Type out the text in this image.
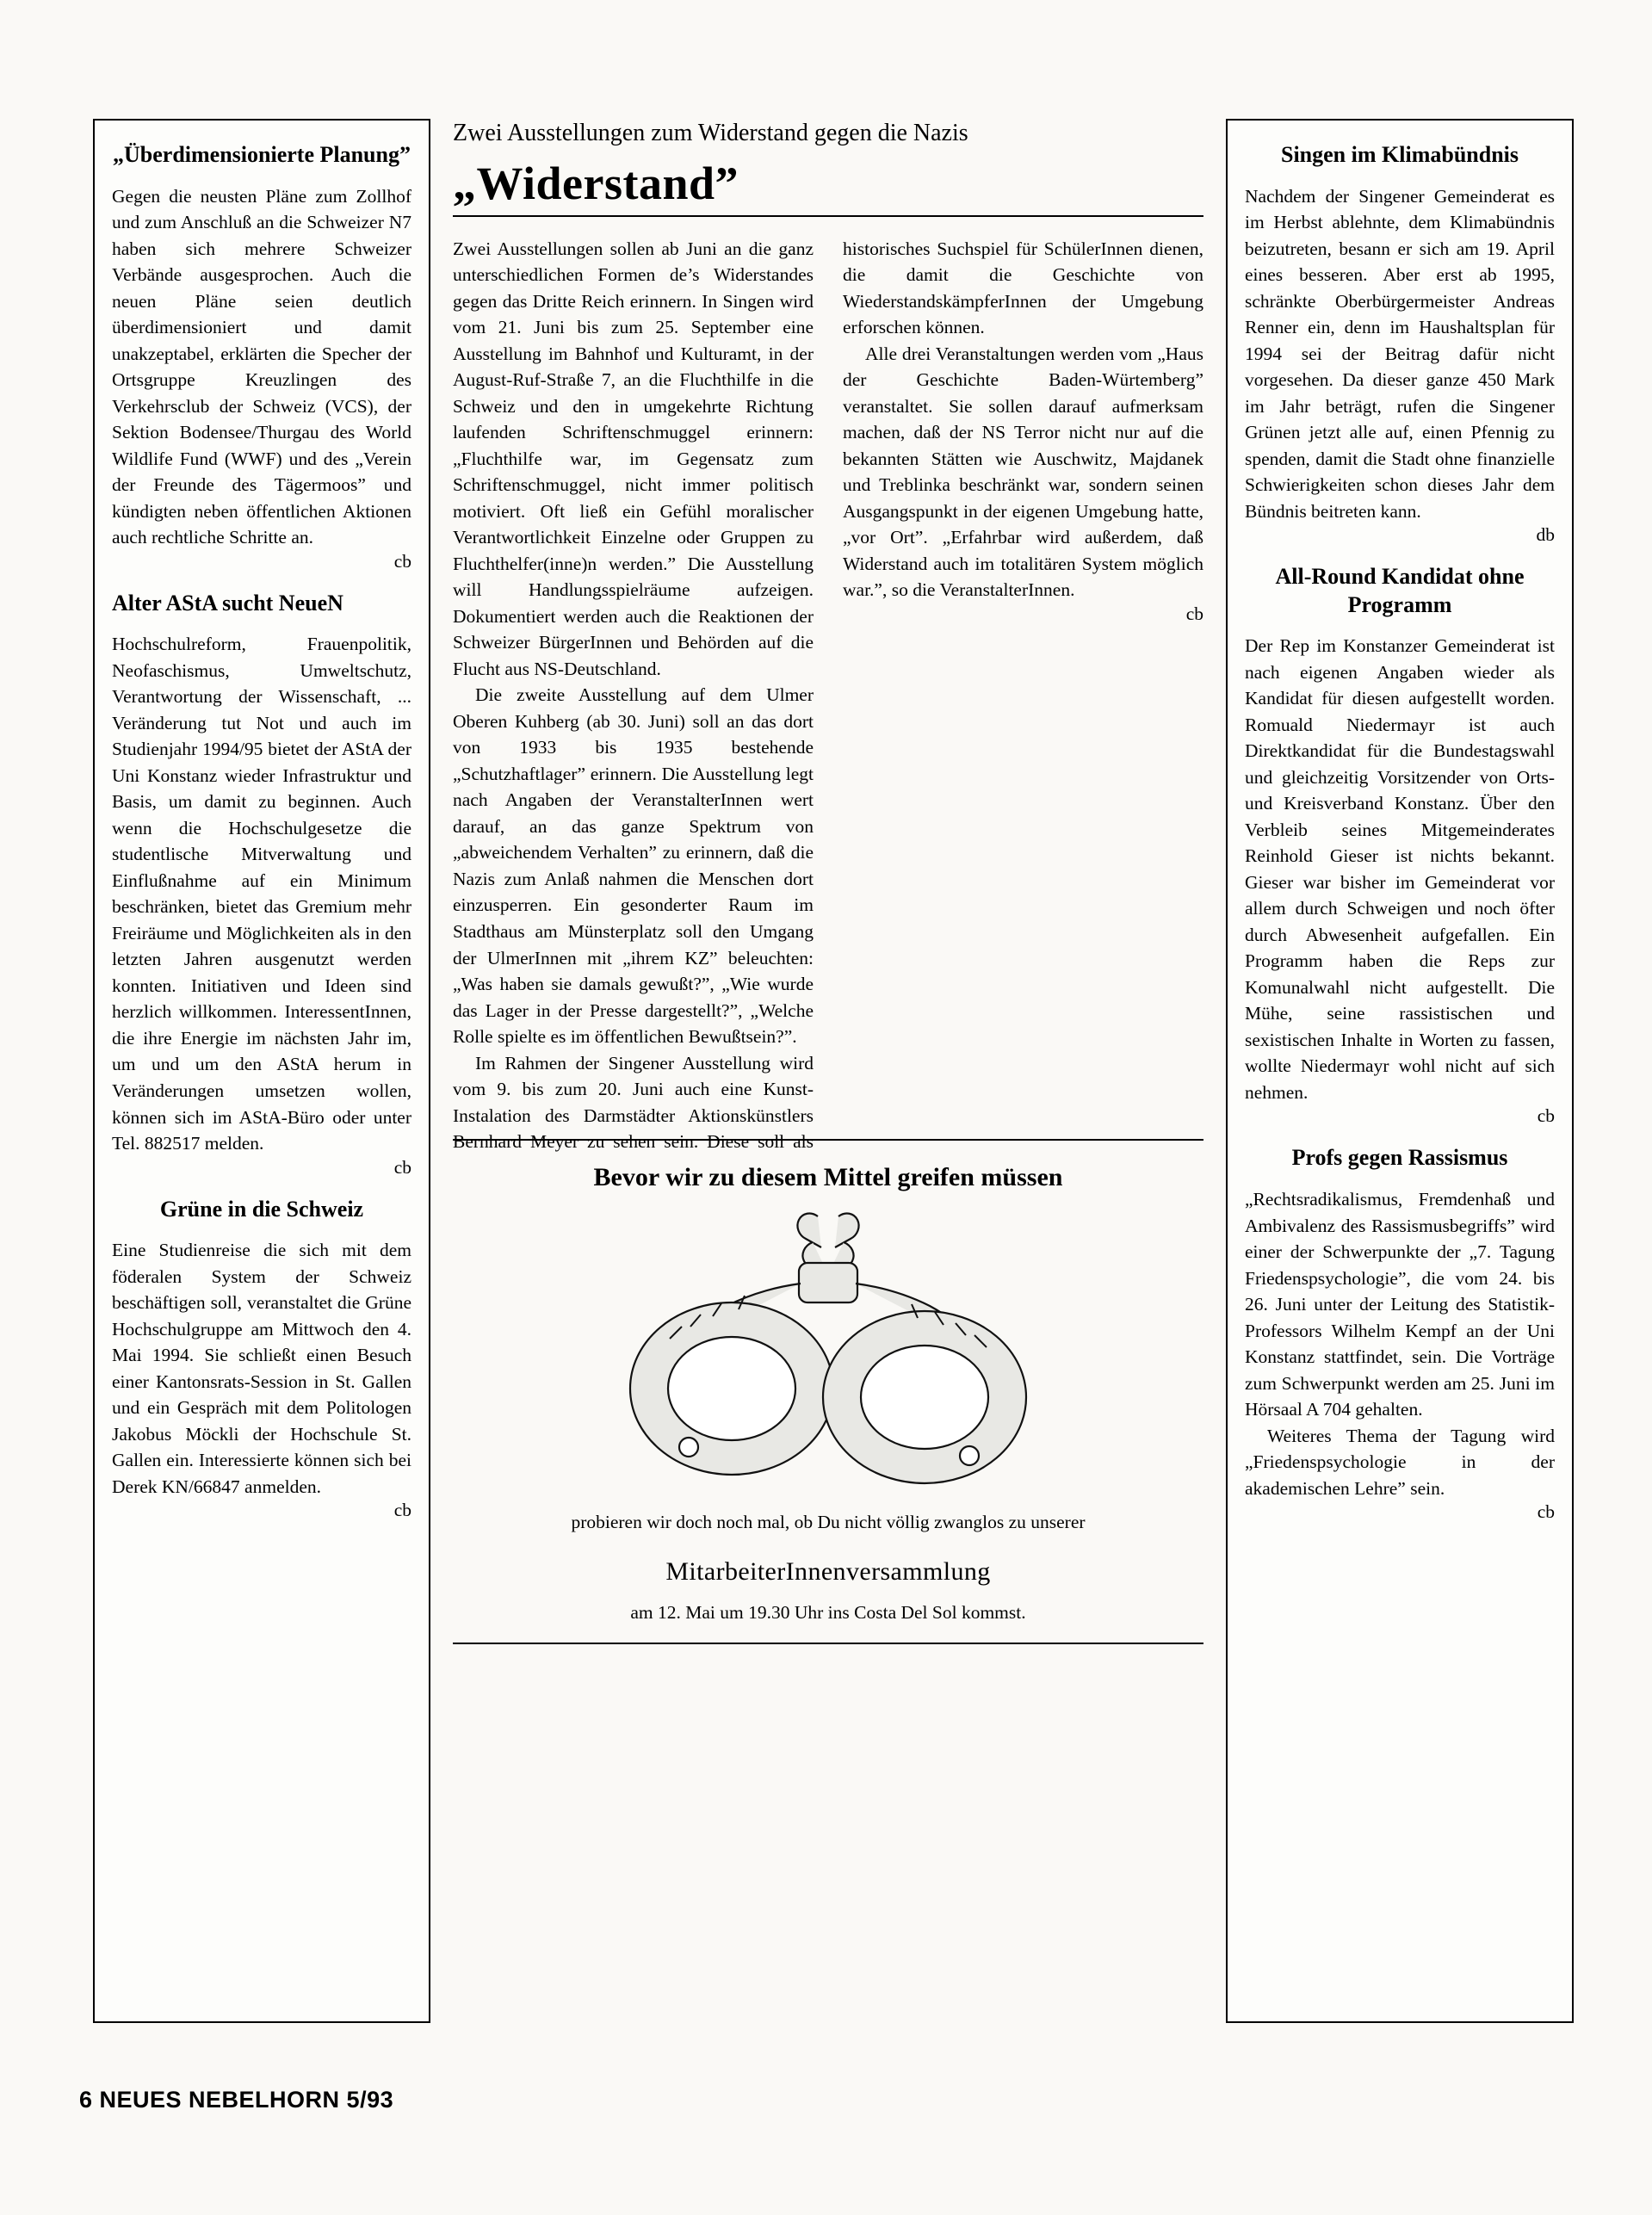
„Überdimensionierte Planung”

Gegen die neusten Pläne zum Zollhof und zum Anschluß an die Schweizer N7 haben sich mehrere Schweizer Verbände ausgesprochen. Auch die neuen Pläne seien deutlich überdimensioniert und damit unakzeptabel, erklärten die Specher der Ortsgruppe Kreuzlingen des Verkehrsclub der Schweiz (VCS), der Sektion Bodensee/Thurgau des World Wildlife Fund (WWF) und des „Verein der Freunde des Tägermoos” und kündigten neben öffentlichen Aktionen auch rechtliche Schritte an.

cb
Alter AStA sucht NeueN

Hochschulreform, Frauenpolitik, Neofaschismus, Umweltschutz, Verantwortung der Wissenschaft, ... Veränderung tut Not und auch im Studienjahr 1994/95 bietet der AStA der Uni Konstanz wieder Infrastruktur und Basis, um damit zu beginnen. Auch wenn die Hochschulgesetze die studentlische Mitverwaltung und Einflußnahme auf ein Minimum beschränken, bietet das Gremium mehr Freiräume und Möglichkeiten als in den letzten Jahren ausgenutzt werden konnten. Initiativen und Ideen sind herzlich willkommen. InteressentInnen, die ihre Energie im nächsten Jahr im, um und um den AStA herum in Veränderungen umsetzen wollen, können sich im AStA-Büro oder unter Tel. 882517 melden.

cb
Grüne in die Schweiz

Eine Studienreise die sich mit dem föderalen System der Schweiz beschäftigen soll, veranstaltet die Grüne Hochschulgruppe am Mittwoch den 4. Mai 1994. Sie schließt einen Besuch einer Kantonsrats-Session in St. Gallen und ein Gespräch mit dem Politologen Jakobus Möckli der Hochschule St. Gallen ein. Interessierte können sich bei Derek KN/66847 anmelden.

cb
Zwei Ausstellungen zum Widerstand gegen die Nazis
„Widerstand”

Zwei Ausstellungen sollen ab Juni an die ganz unterschiedlichen Formen de’s Widerstandes gegen das Dritte Reich erinnern. In Singen wird vom 21. Juni bis zum 25. September eine Ausstellung im Bahnhof und Kulturamt, in der August-Ruf-Straße 7, an die Fluchthilfe in die Schweiz und den in umgekehrte Richtung laufenden Schriftenschmuggel erinnern: „Fluchthilfe war, im Gegensatz zum Schriftenschmuggel, nicht immer politisch motiviert. Oft ließ ein Gefühl moralischer Verantwortlichkeit Einzelne oder Gruppen zu Fluchthelfer(inne)n werden.” Die Ausstellung will Handlungsspielräume aufzeigen. Dokumentiert werden auch die Reaktionen der Schweizer BürgerInnen und Behörden auf die Flucht aus NS-Deutschland.

Die zweite Ausstellung auf dem Ulmer Oberen Kuhberg (ab 30. Juni) soll an das dort von 1933 bis 1935 bestehende „Schutzhaftlager” erinnern. Die Ausstellung legt nach Angaben der VeranstalterInnen wert darauf, an das ganze Spektrum von „abweichendem Verhalten” zu erinnern, daß die Nazis zum Anlaß nahmen die Menschen dort einzusperren. Ein gesonderter Raum im Stadthaus am Münsterplatz soll den Umgang der UlmerInnen mit „ihrem KZ” beleuchten: „Was haben sie damals gewußt?”, „Wie wurde das Lager in der Presse dargestellt?”, „Welche Rolle spielte es im öffentlichen Bewußtsein?”.

Im Rahmen der Singener Ausstellung wird vom 9. bis zum 20. Juni auch eine Kunst-Instalation des Darmstädter Aktionskünstlers Bernhard Meyer zu sehen sein. Diese soll als historisches Suchspiel für SchülerInnen dienen, die damit die Geschichte von WiederstandskämpferInnen der Umgebung erforschen können.

Alle drei Veranstaltungen werden vom „Haus der Geschichte Baden-Würtemberg” veranstaltet. Sie sollen darauf aufmerksam machen, daß der NS Terror nicht nur auf die bekannten Stätten wie Auschwitz, Majdanek und Treblinka beschränkt war, sondern seinen Ausgangspunkt in der eigenen Umgebung hatte, „vor Ort”. „Erfahrbar wird außerdem, daß Widerstand auch im totalitären System möglich war.”, so die VeranstalterInnen.

cb
Bevor wir zu diesem Mittel greifen müssen
probieren wir doch noch mal, ob Du nicht völlig zwanglos zu unserer
MitarbeiterInnenversammlung
am 12. Mai um 19.30 Uhr ins Costa Del Sol kommst.
Singen im Klimabündnis

Nachdem der Singener Gemeinderat es im Herbst ablehnte, dem Klimabündnis beizutreten, besann er sich am 19. April eines besseren. Aber erst ab 1995, schränkte Oberbürgermeister Andreas Renner ein, denn im Haushaltsplan für 1994 sei der Beitrag dafür nicht vorgesehen. Da dieser ganze 450 Mark im Jahr beträgt, rufen die Singener Grünen jetzt alle auf, einen Pfennig zu spenden, damit die Stadt ohne finanzielle Schwierigkeiten schon dieses Jahr dem Bündnis beitreten kann.

db
All-Round Kandidat ohne Programm

Der Rep im Konstanzer Gemeinderat ist nach eigenen Angaben wieder als Kandidat für diesen aufgestellt worden. Romuald Niedermayr ist auch Direktkandidat für die Bundestagswahl und gleichzeitig Vorsitzender von Orts- und Kreisverband Konstanz. Über den Verbleib seines Mitgemeinderates Reinhold Gieser ist nichts bekannt. Gieser war bisher im Gemeinderat vor allem durch Schweigen und noch öfter durch Abwesenheit aufgefallen. Ein Programm haben die Reps zur Komunalwahl nicht aufgestellt. Die Mühe, seine rassistischen und sexistischen Inhalte in Worten zu fassen, wollte Niedermayr wohl nicht auf sich nehmen.

cb
Profs gegen Rassismus

„Rechtsradikalismus, Fremdenhaß und Ambivalenz des Rassismusbegriffs” wird einer der Schwerpunkte der „7. Tagung Friedenspsychologie”, die vom 24. bis 26. Juni unter der Leitung des Statistik-Professors Wilhelm Kempf an der Uni Konstanz stattfindet, sein. Die Vorträge zum Schwerpunkt werden am 25. Juni im Hörsaal A 704 gehalten.

Weiteres Thema der Tagung wird „Friedenspsychologie in der akademischen Lehre” sein.

cb
6 NEUES NEBELHORN 5/93
